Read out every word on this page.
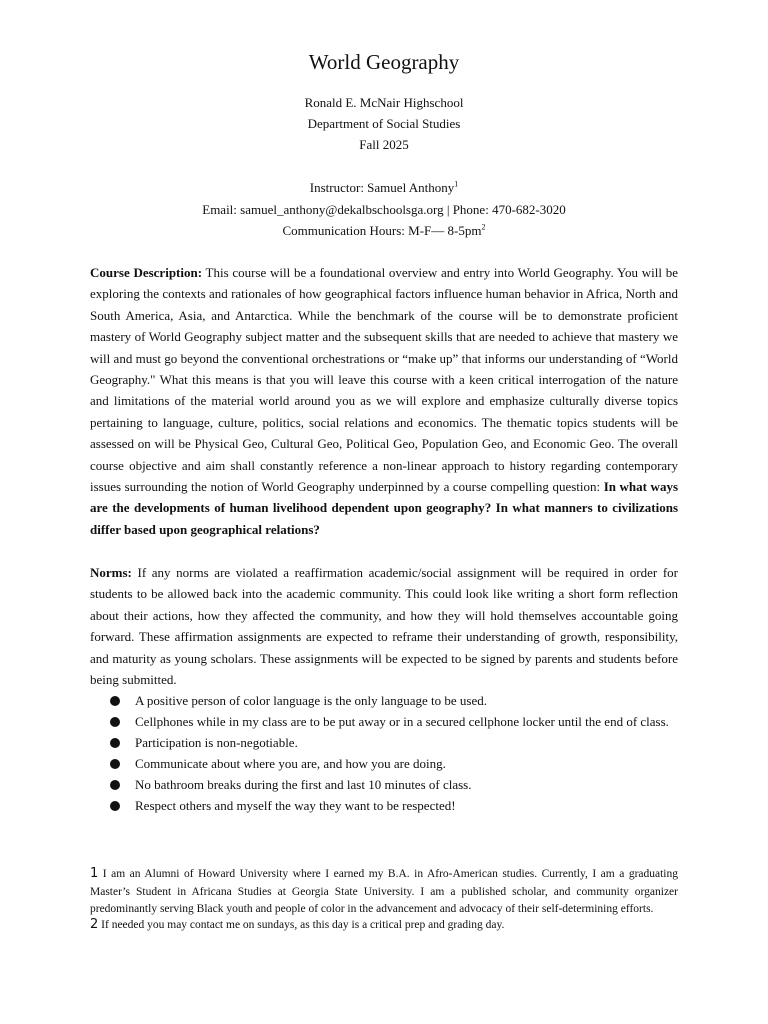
World Geography
Ronald E. McNair Highschool
Department of Social Studies
Fall 2025
Instructor: Samuel Anthony$^1$
Email: samuel_anthony@dekalbschoolsga.org | Phone: 470-682-3020
Communication Hours: M-F— $8-5pm^2$
Course Description: This course will be a foundational overview and entry into World Geography. You will be exploring the contexts and rationales of how geographical factors influence human behavior in Africa, North and South America, Asia, and Antarctica. While the benchmark of the course will be to demonstrate proficient mastery of World Geography subject matter and the subsequent skills that are needed to achieve that mastery we will and must go beyond the conventional orchestrations or “make up” that informs our understanding of “World Geography." What this means is that you will leave this course with a keen critical interrogation of the nature and limitations of the material world around you as we will explore and emphasize culturally diverse topics pertaining to language, culture, politics, social relations and economics. The thematic topics students will be assessed on will be Physical Geo, Cultural Geo, Political Geo, Population Geo, and Economic Geo. The overall course objective and aim shall constantly reference a non-linear approach to history regarding contemporary issues surrounding the notion of World Geography underpinned by a course compelling question: In what ways are the developments of human livelihood dependent upon geography? In what manners to civilizations differ based upon geographical relations?
Norms: If any norms are violated a reaffirmation academic/social assignment will be required in order for students to be allowed back into the academic community. This could look like writing a short form reflection about their actions, how they affected the community, and how they will hold themselves accountable going forward. These affirmation assignments are expected to reframe their understanding of growth, responsibility, and maturity as young scholars. These assignments will be expected to be signed by parents and students before being submitted.
A positive person of color language is the only language to be used.
Cellphones while in my class are to be put away or in a secured cellphone locker until the end of class.
Participation is non-negotiable.
Communicate about where you are, and how you are doing.
No bathroom breaks during the first and last 10 minutes of class.
Respect others and myself the way they want to be respected!
1 I am an Alumni of Howard University where I earned my B.A. in Afro-American studies. Currently, I am a graduating Master’s Student in Africana Studies at Georgia State University. I am a published scholar, and community organizer predominantly serving Black youth and people of color in the advancement and advocacy of their self-determining efforts.
2 If needed you may contact me on sundays, as this day is a critical prep and grading day.
